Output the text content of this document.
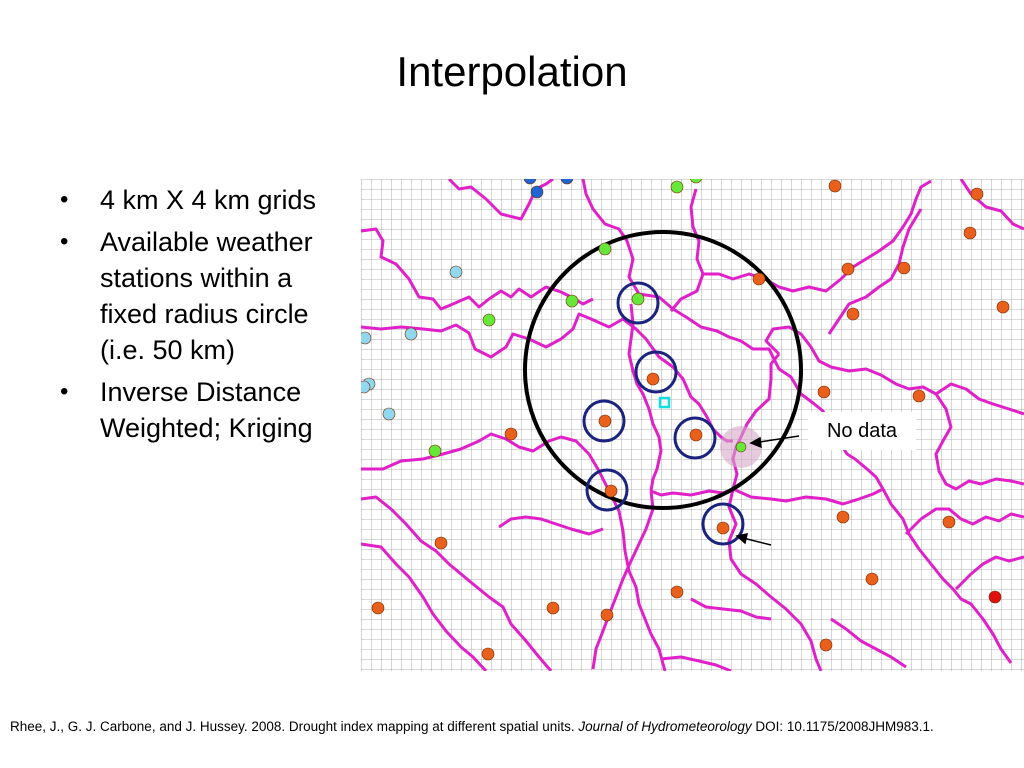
Interpolation
• 4 km X 4 km grids
• Available weather stations within a fixed radius circle (i.e. 50 km)
• Inverse Distance Weighted; Kriging	No data
Rhee, J., G. J. Carbone, and J. Hussey. 2008. Drought index mapping at different spatial units. Journal of Hydrometeorology DOI: 10.1175/2008JHM983.1.
